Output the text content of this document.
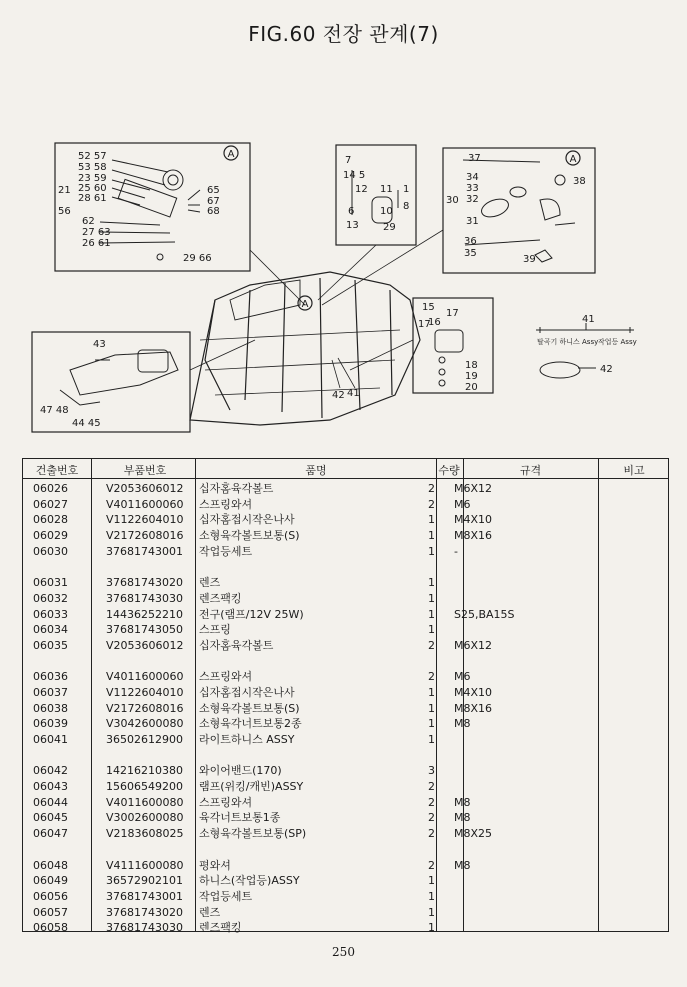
FIG.60 전장 관계(7)
A
52 57
53 58
23 59
25 60
28 61
21
56
62
27 63
26 61
65
67
68
29 66
7
14 5
12
6
13
11 1
8
10
29
A
37
34
33
32
30
31
36
35
38
39
43
47 48
44 45
15
17
16
17
18
19
20
A
42 41
41
탈곡기 하니스 Assy 작업등 Assy
42
건출번호	부품번호	품명	수량	규격	비고
06026	V2053606012 십자홈육각볼트	2 M6X12
06027	V4011600060 스프링와셔	2 M6
06028	V1122604010 십자홈접시작은나사	1 M4X10
06029	V2172608016 소형육각볼트보통(S)	1 M8X16
06030	37681743001 작업등세트	1 -
06031	37681743020 렌즈	1
06032	37681743030 렌즈팩킹	1
06033	14436252210 전구(램프/12V 25W)	1 S25,BA15S
06034	37681743050 스프링	1
06035	V2053606012 십자홈육각볼트	2 M6X12
06036	V4011600060 스프링와셔	2 M6
06037	V1122604010 십자홈접시작은나사	1 M4X10
06038	V2172608016 소형육각볼트보통(S)	1 M8X16
06039	V3042600080 소형육각너트보통2종	1 M8
06041	36502612900 라이트하니스 ASSY	1
06042	14216210380 와이어밴드(170)	3
06043	15606549200 램프(위킹/캐빈)ASSY	2
06044	V4011600080 스프링와셔	2 M8
06045	V3002600080 육각너트보통1종	2 M8
06047	V2183608025 소형육각볼트보통(SP)	2 M8X25
06048	V4111600080 평와셔	2 M8
06049	36572902101 하니스(작업등)ASSY	1
06056	37681743001 작업등세트	1
06057	37681743020 렌즈	1
06058	37681743030 렌즈팩킹	1
250
